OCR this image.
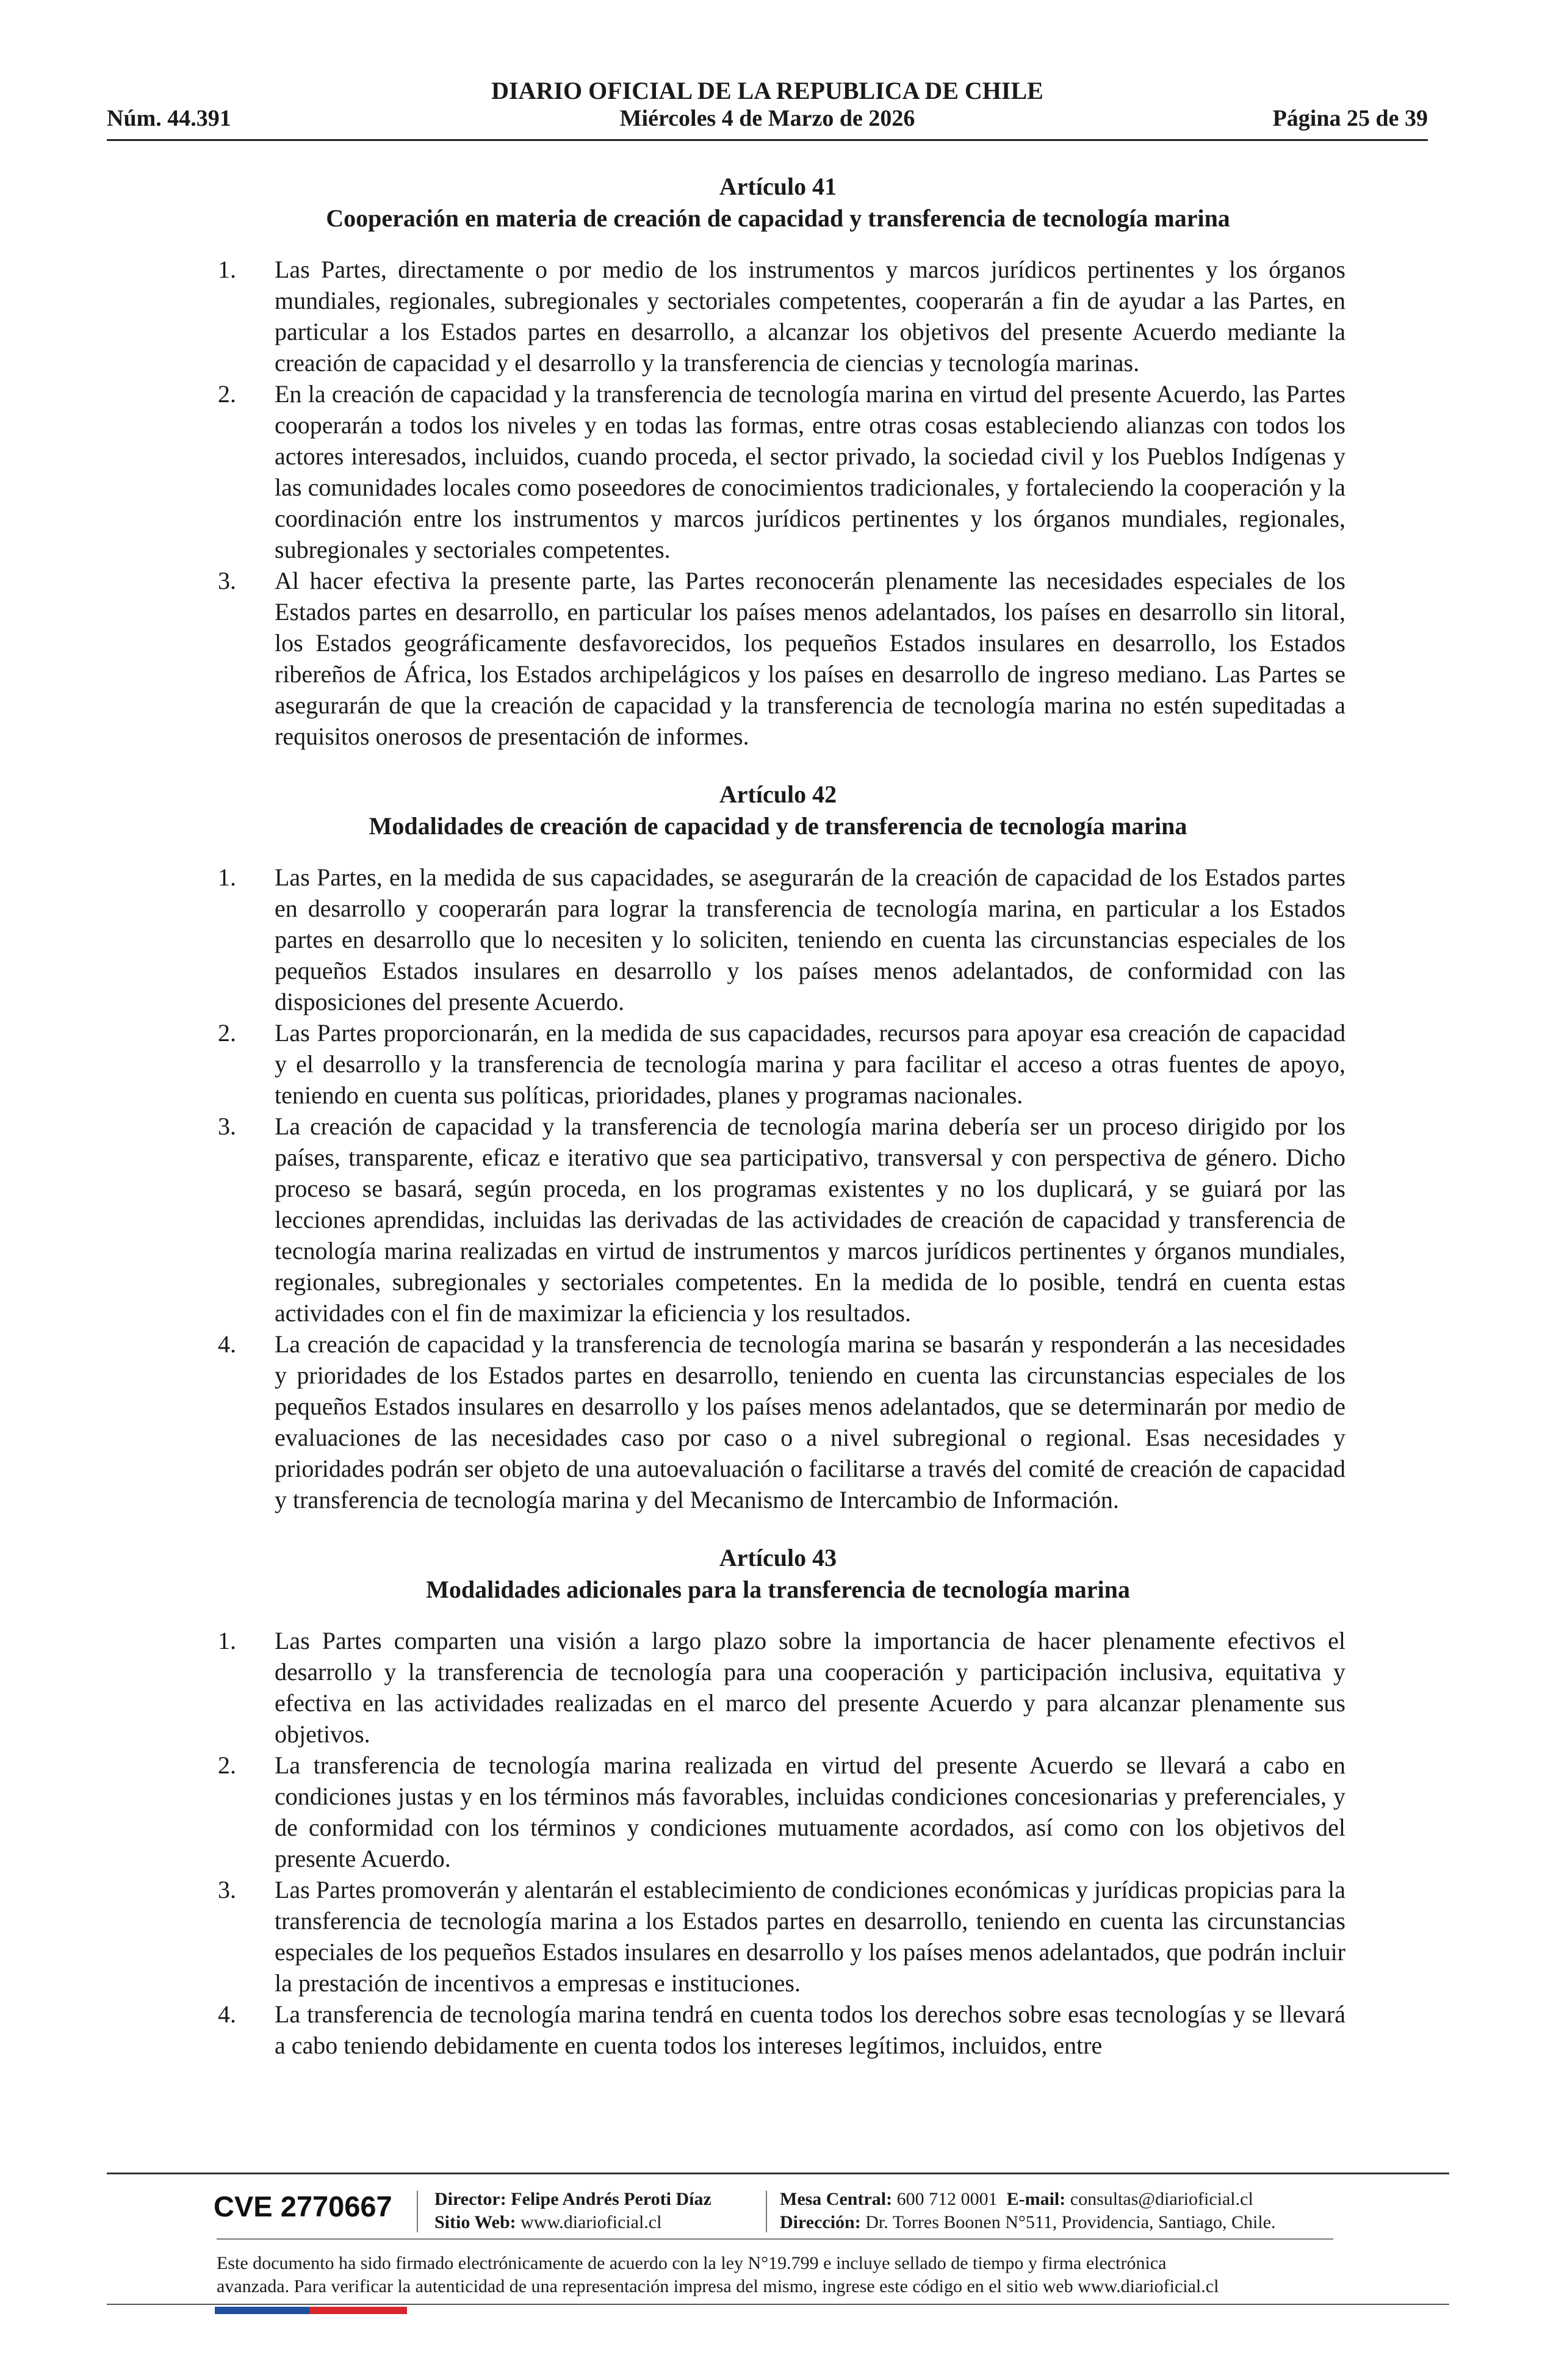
DIARIO OFICIAL DE LA REPUBLICA DE CHILE
Núm. 44.391	Miércoles 4 de Marzo de 2026	Página 25 de 39
Artículo 41
Cooperación en materia de creación de capacidad y transferencia de tecnología marina
1. Las Partes, directamente o por medio de los instrumentos y marcos jurídicos pertinentes y los órganos mundiales, regionales, subregionales y sectoriales competentes, cooperarán a fin de ayudar a las Partes, en particular a los Estados partes en desarrollo, a alcanzar los objetivos del presente Acuerdo mediante la creación de capacidad y el desarrollo y la transferencia de ciencias y tecnología marinas.
2. En la creación de capacidad y la transferencia de tecnología marina en virtud del presente Acuerdo, las Partes cooperarán a todos los niveles y en todas las formas, entre otras cosas estableciendo alianzas con todos los actores interesados, incluidos, cuando proceda, el sector privado, la sociedad civil y los Pueblos Indígenas y las comunidades locales como poseedores de conocimientos tradicionales, y fortaleciendo la cooperación y la coordinación entre los instrumentos y marcos jurídicos pertinentes y los órganos mundiales, regionales, subregionales y sectoriales competentes.
3. Al hacer efectiva la presente parte, las Partes reconocerán plenamente las necesidades especiales de los Estados partes en desarrollo, en particular los países menos adelantados, los países en desarrollo sin litoral, los Estados geográficamente desfavorecidos, los pequeños Estados insulares en desarrollo, los Estados ribereños de África, los Estados archipelágicos y los países en desarrollo de ingreso mediano. Las Partes se asegurarán de que la creación de capacidad y la transferencia de tecnología marina no estén supeditadas a requisitos onerosos de presentación de informes.
Artículo 42
Modalidades de creación de capacidad y de transferencia de tecnología marina
1. Las Partes, en la medida de sus capacidades, se asegurarán de la creación de capacidad de los Estados partes en desarrollo y cooperarán para lograr la transferencia de tecnología marina, en particular a los Estados partes en desarrollo que lo necesiten y lo soliciten, teniendo en cuenta las circunstancias especiales de los pequeños Estados insulares en desarrollo y los países menos adelantados, de conformidad con las disposiciones del presente Acuerdo.
2. Las Partes proporcionarán, en la medida de sus capacidades, recursos para apoyar esa creación de capacidad y el desarrollo y la transferencia de tecnología marina y para facilitar el acceso a otras fuentes de apoyo, teniendo en cuenta sus políticas, prioridades, planes y programas nacionales.
3. La creación de capacidad y la transferencia de tecnología marina debería ser un proceso dirigido por los países, transparente, eficaz e iterativo que sea participativo, transversal y con perspectiva de género. Dicho proceso se basará, según proceda, en los programas existentes y no los duplicará, y se guiará por las lecciones aprendidas, incluidas las derivadas de las actividades de creación de capacidad y transferencia de tecnología marina realizadas en virtud de instrumentos y marcos jurídicos pertinentes y órganos mundiales, regionales, subregionales y sectoriales competentes. En la medida de lo posible, tendrá en cuenta estas actividades con el fin de maximizar la eficiencia y los resultados.
4. La creación de capacidad y la transferencia de tecnología marina se basarán y responderán a las necesidades y prioridades de los Estados partes en desarrollo, teniendo en cuenta las circunstancias especiales de los pequeños Estados insulares en desarrollo y los países menos adelantados, que se determinarán por medio de evaluaciones de las necesidades caso por caso o a nivel subregional o regional. Esas necesidades y prioridades podrán ser objeto de una autoevaluación o facilitarse a través del comité de creación de capacidad y transferencia de tecnología marina y del Mecanismo de Intercambio de Información.
Artículo 43
Modalidades adicionales para la transferencia de tecnología marina
1. Las Partes comparten una visión a largo plazo sobre la importancia de hacer plenamente efectivos el desarrollo y la transferencia de tecnología para una cooperación y participación inclusiva, equitativa y efectiva en las actividades realizadas en el marco del presente Acuerdo y para alcanzar plenamente sus objetivos.
2. La transferencia de tecnología marina realizada en virtud del presente Acuerdo se llevará a cabo en condiciones justas y en los términos más favorables, incluidas condiciones concesionarias y preferenciales, y de conformidad con los términos y condiciones mutuamente acordados, así como con los objetivos del presente Acuerdo.
3. Las Partes promoverán y alentarán el establecimiento de condiciones económicas y jurídicas propicias para la transferencia de tecnología marina a los Estados partes en desarrollo, teniendo en cuenta las circunstancias especiales de los pequeños Estados insulares en desarrollo y los países menos adelantados, que podrán incluir la prestación de incentivos a empresas e instituciones.
4. La transferencia de tecnología marina tendrá en cuenta todos los derechos sobre esas tecnologías y se llevará a cabo teniendo debidamente en cuenta todos los intereses legítimos, incluidos, entre
CVE 2770667 Director: Felipe Andrés Peroti Díaz
Sitio Web: www.diarioficial.cl
Mesa Central: 600 712 0001 E-mail: consultas@diarioficial.cl
Dirección: Dr. Torres Boonen N°511, Providencia, Santiago, Chile.
Este documento ha sido firmado electrónicamente de acuerdo con la ley N°19.799 e incluye sellado de tiempo y firma electrónica
avanzada. Para verificar la autenticidad de una representación impresa del mismo, ingrese este código en el sitio web www.diarioficial.cl
